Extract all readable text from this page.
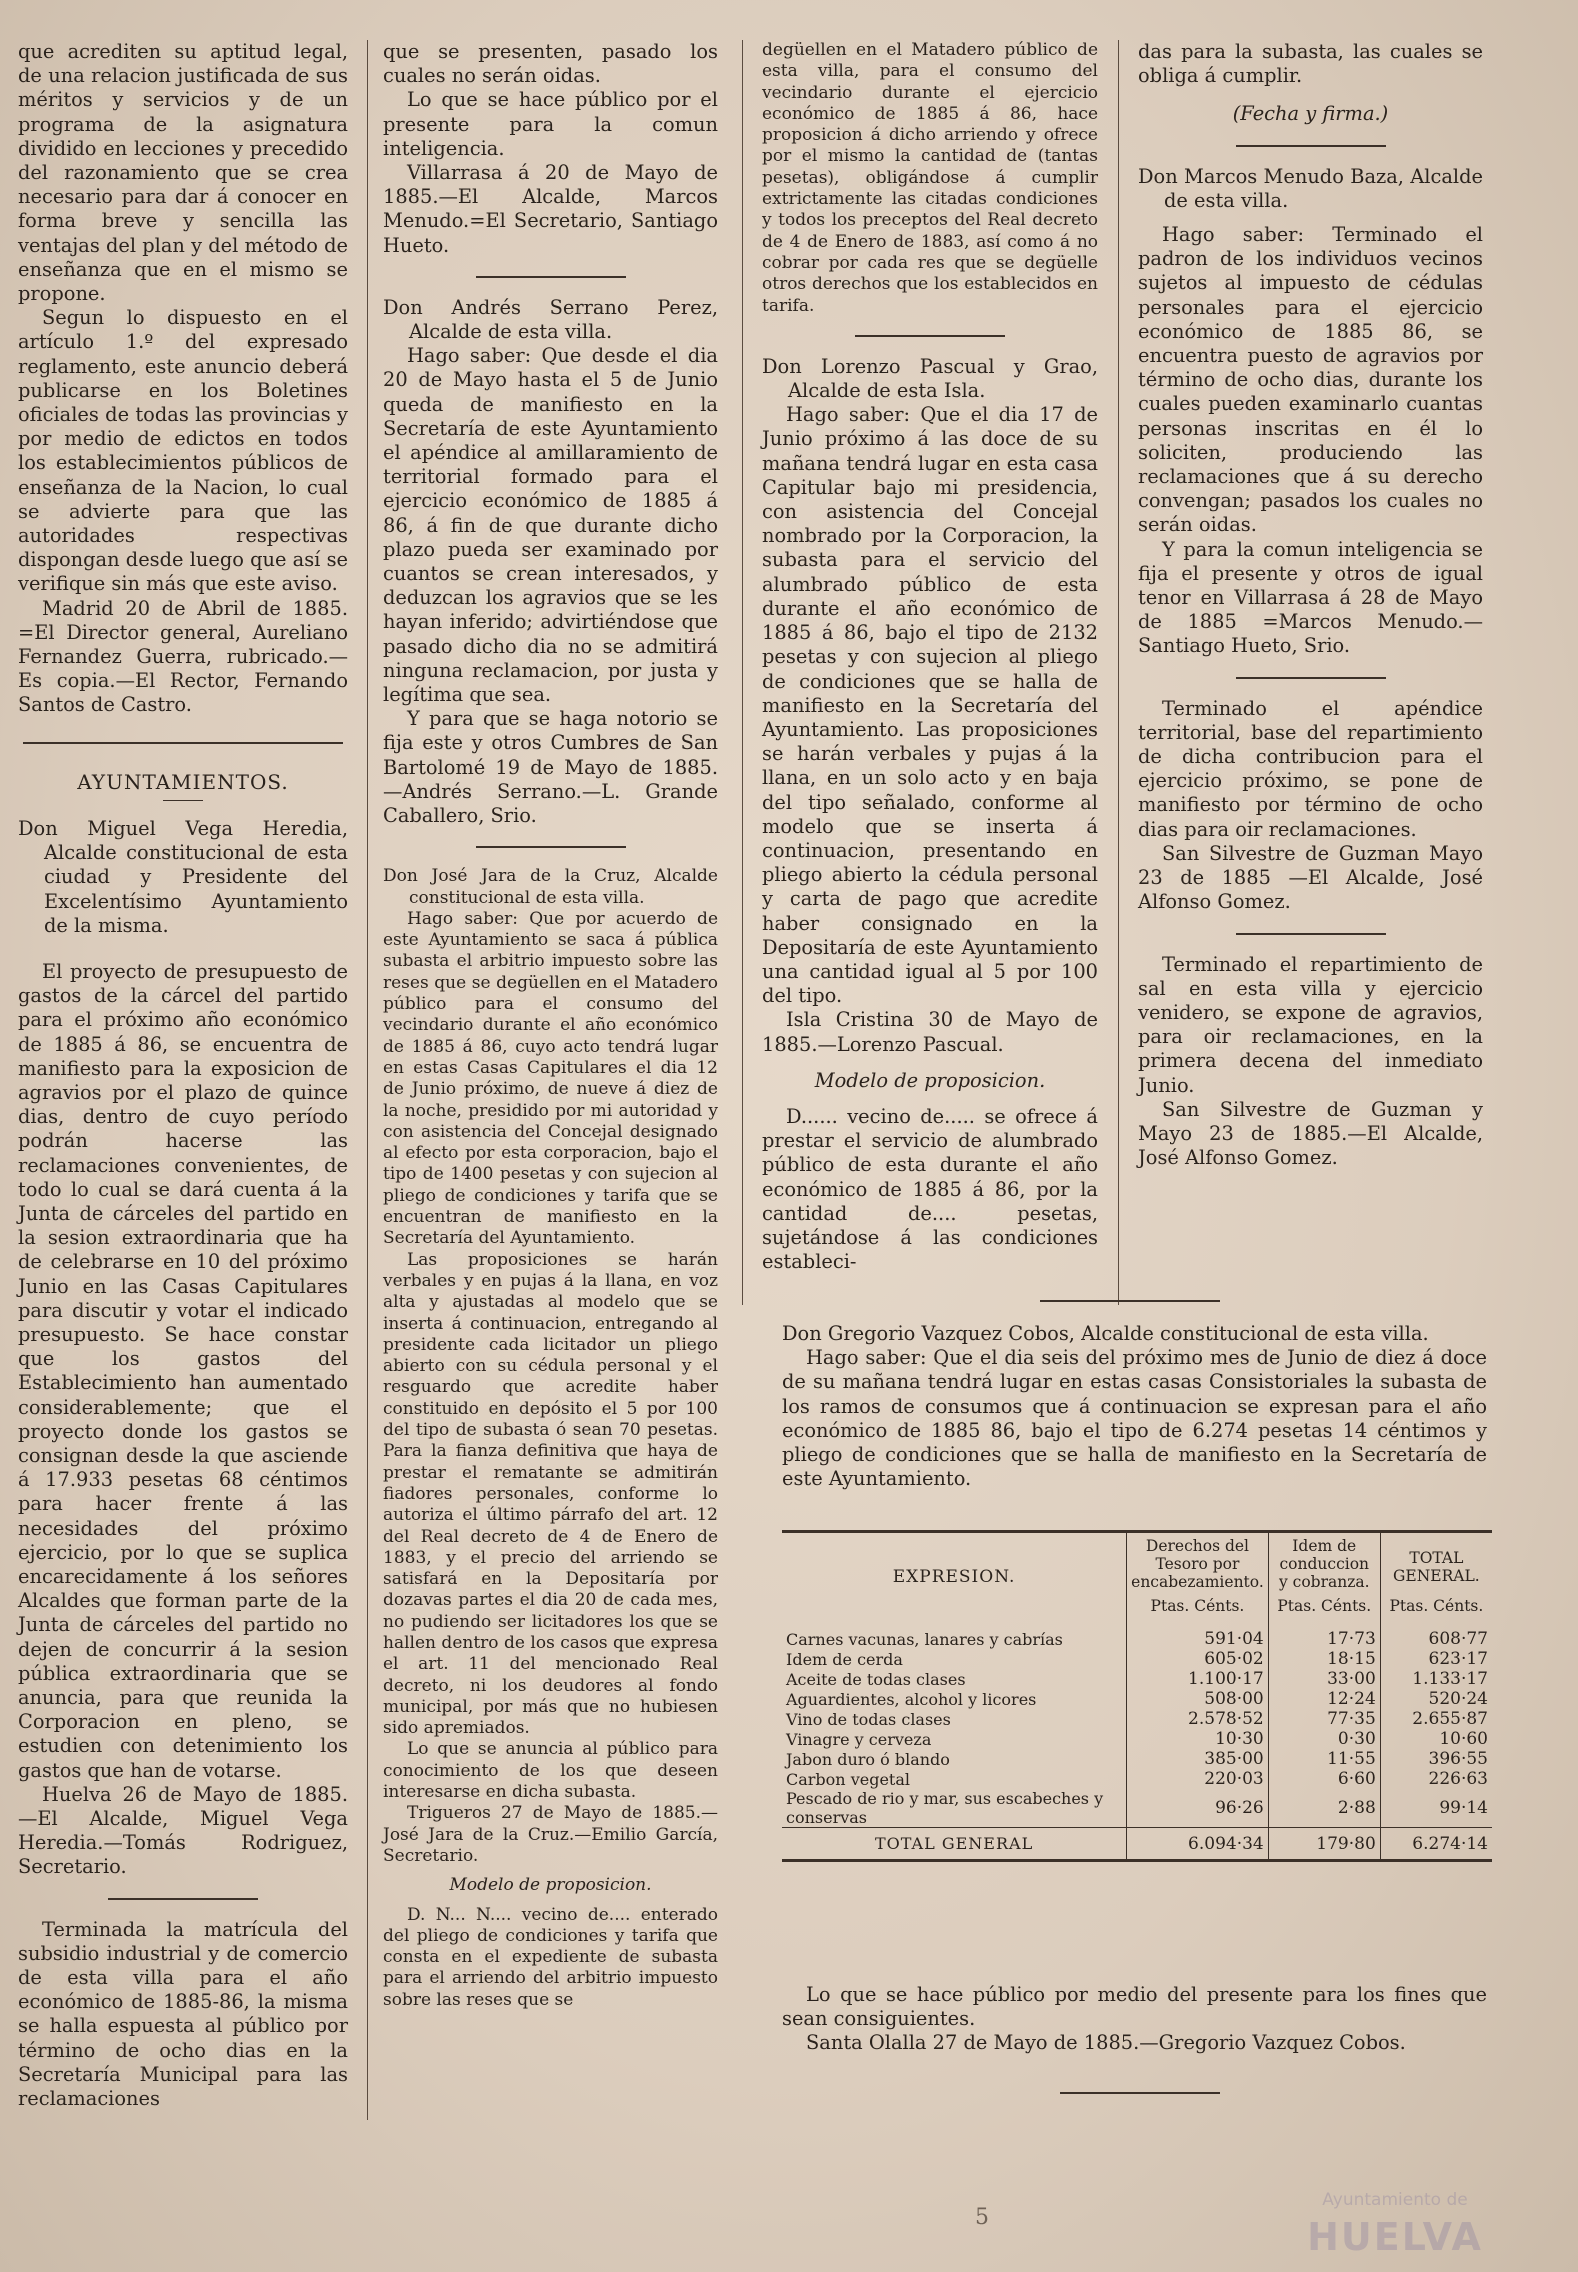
que acrediten su aptitud legal, de una relacion justificada de sus méritos y servicios y de un programa de la asignatura dividido en lecciones y precedido del razonamiento que se crea necesario para dar á conocer en forma breve y sencilla las ventajas del plan y del método de enseñanza que en el mismo se propone.

Segun lo dispuesto en el artículo 1.º del expresado reglamento, este anuncio deberá publicarse en los Boletines oficiales de todas las provincias y por medio de edictos en todos los establecimientos públicos de enseñanza de la Nacion, lo cual se advierte para que las autoridades respectivas dispongan desde luego que así se verifique sin más que este aviso.

Madrid 20 de Abril de 1885. =El Director general, Aureliano Fernandez Guerra, rubricado.— Es copia.—El Rector, Fernando Santos de Castro.

AYUNTAMIENTOS.

Don Miguel Vega Heredia, Alcalde constitucional de esta ciudad y Presidente del Excelentísimo Ayuntamiento de la misma.

El proyecto de presupuesto de gastos de la cárcel del partido para el próximo año económico de 1885 á 86, se encuentra de manifiesto para la exposicion de agravios por el plazo de quince dias, dentro de cuyo período podrán hacerse las reclamaciones convenientes, de todo lo cual se dará cuenta á la Junta de cárceles del partido en la sesion extraordinaria que ha de celebrarse en 10 del próximo Junio en las Casas Capitulares para discutir y votar el indicado presupuesto. Se hace constar que los gastos del Establecimiento han aumentado considerablemente; que el proyecto donde los gastos se consignan desde la que asciende á 17.933 pesetas 68 céntimos para hacer frente á las necesidades del próximo ejercicio, por lo que se suplica encarecidamente á los señores Alcaldes que forman parte de la Junta de cárceles del partido no dejen de concurrir á la sesion pública extraordinaria que se anuncia, para que reunida la Corporacion en pleno, se estudien con detenimiento los gastos que han de votarse.

Huelva 26 de Mayo de 1885. —El Alcalde, Miguel Vega Heredia.—Tomás Rodriguez, Secretario.

Terminada la matrícula del subsidio industrial y de comercio de esta villa para el año económico de 1885-86, la misma se halla espuesta al público por término de ocho dias en la Secretaría Municipal para las reclamaciones

que se presenten, pasado los cuales no serán oidas.

Lo que se hace público por el presente para la comun inteligencia.

Villarrasa á 20 de Mayo de 1885.—El Alcalde, Marcos Menudo.=El Secretario, Santiago Hueto.

Don Andrés Serrano Perez, Alcalde de esta villa.

Hago saber: Que desde el dia 20 de Mayo hasta el 5 de Junio queda de manifiesto en la Secretaría de este Ayuntamiento el apéndice al amillaramiento de territorial formado para el ejercicio económico de 1885 á 86, á fin de que durante dicho plazo pueda ser examinado por cuantos se crean interesados, y deduzcan los agravios que se les hayan inferido; advirtiéndose que pasado dicho dia no se admitirá ninguna reclamacion, por justa y legítima que sea.

Y para que se haga notorio se fija este y otros Cumbres de San Bartolomé 19 de Mayo de 1885. —Andrés Serrano.—L. Grande Caballero, Srio.

Don José Jara de la Cruz, Alcalde constitucional de esta villa.

Hago saber: Que por acuerdo de este Ayuntamiento se saca á pública subasta el arbitrio impuesto sobre las reses que se degüellen en el Matadero público para el consumo del vecindario durante el año económico de 1885 á 86, cuyo acto tendrá lugar en estas Casas Capitulares el dia 12 de Junio próximo, de nueve á diez de la noche, presidido por mi autoridad y con asistencia del Concejal designado al efecto por esta corporacion, bajo el tipo de 1400 pesetas y con sujecion al pliego de condiciones y tarifa que se encuentran de manifiesto en la Secretaría del Ayuntamiento.

Las proposiciones se harán verbales y en pujas á la llana, en voz alta y ajustadas al modelo que se inserta á continuacion, entregando al presidente cada licitador un pliego abierto con su cédula personal y el resguardo que acredite haber constituido en depósito el 5 por 100 del tipo de subasta ó sean 70 pesetas. Para la fianza definitiva que haya de prestar el rematante se admitirán fiadores personales, conforme lo autoriza el último párrafo del art. 12 del Real decreto de 4 de Enero de 1883, y el precio del arriendo se satisfará en la Depositaría por dozavas partes el dia 20 de cada mes, no pudiendo ser licitadores los que se hallen dentro de los casos que expresa el art. 11 del mencionado Real decreto, ni los deudores al fondo municipal, por más que no hubiesen sido apremiados.

Lo que se anuncia al público para conocimiento de los que deseen interesarse en dicha subasta.

Trigueros 27 de Mayo de 1885.— José Jara de la Cruz.—Emilio García, Secretario.

Modelo de proposicion.

D. N... N.... vecino de.... enterado del pliego de condiciones y tarifa que consta en el expediente de subasta para el arriendo del arbitrio impuesto sobre las reses que se

degüellen en el Matadero público de esta villa, para el consumo del vecindario durante el ejercicio económico de 1885 á 86, hace proposicion á dicho arriendo y ofrece por el mismo la cantidad de (tantas pesetas), obligándose á cumplir extrictamente las citadas condiciones y todos los preceptos del Real decreto de 4 de Enero de 1883, así como á no cobrar por cada res que se degüelle otros derechos que los establecidos en tarifa.

Don Lorenzo Pascual y Grao, Alcalde de esta Isla.

Hago saber: Que el dia 17 de Junio próximo á las doce de su mañana tendrá lugar en esta casa Capitular bajo mi presidencia, con asistencia del Concejal nombrado por la Corporacion, la subasta para el servicio del alumbrado público de esta durante el año económico de 1885 á 86, bajo el tipo de 2132 pesetas y con sujecion al pliego de condiciones que se halla de manifiesto en la Secretaría del Ayuntamiento. Las proposiciones se harán verbales y pujas á la llana, en un solo acto y en baja del tipo señalado, conforme al modelo que se inserta á continuacion, presentando en pliego abierto la cédula personal y carta de pago que acredite haber consignado en la Depositaría de este Ayuntamiento una cantidad igual al 5 por 100 del tipo.

Isla Cristina 30 de Mayo de 1885.—Lorenzo Pascual.

Modelo de proposicion.

D...... vecino de..... se ofrece á prestar el servicio de alumbrado público de esta durante el año económico de 1885 á 86, por la cantidad de.... pesetas, sujetándose á las condiciones estableci-

das para la subasta, las cuales se obliga á cumplir.

(Fecha y firma.)

Don Marcos Menudo Baza, Alcalde de esta villa.

Hago saber: Terminado el padron de los individuos vecinos sujetos al impuesto de cédulas personales para el ejercicio económico de 1885 86, se encuentra puesto de agravios por término de ocho dias, durante los cuales pueden examinarlo cuantas personas inscritas en él lo soliciten, produciendo las reclamaciones que á su derecho convengan; pasados los cuales no serán oidas.

Y para la comun inteligencia se fija el presente y otros de igual tenor en Villarrasa á 28 de Mayo de 1885 =Marcos Menudo.— Santiago Hueto, Srio.

Terminado el apéndice territorial, base del repartimiento de dicha contribucion para el ejercicio próximo, se pone de manifiesto por término de ocho dias para oir reclamaciones.

San Silvestre de Guzman Mayo 23 de 1885 —El Alcalde, José Alfonso Gomez.

Terminado el repartimiento de sal en esta villa y ejercicio venidero, se expone de agravios, para oir reclamaciones, en la primera decena del inmediato Junio.

San Silvestre de Guzman y Mayo 23 de 1885.—El Alcalde, José Alfonso Gomez.

Don Gregorio Vazquez Cobos, Alcalde constitucional de esta villa.

Hago saber: Que el dia seis del próximo mes de Junio de diez á doce de su mañana tendrá lugar en estas casas Consistoriales la subasta de los ramos de consumos que á continuacion se expresan para el año económico de 1885 86, bajo el tipo de 6.274 pesetas 14 céntimos y pliego de condiciones que se halla de manifiesto en la Secretaría de este Ayuntamiento.

EXPRESION.	Derechos del Tesoro por encabezamiento.	Idem de conduccion y cobranza.	TOTAL GENERAL.
	Ptas. Cénts.	Ptas. Cénts.	Ptas. Cénts.
Carnes vacunas, lanares y cabrías	591·04	17·73	608·77
Idem de cerda	605·02	18·15	623·17
Aceite de todas clases	1.100·17	33·00	1.133·17
Aguardientes, alcohol y licores	508·00	12·24	520·24
Vino de todas clases	2.578·52	77·35	2.655·87
Vinagre y cerveza	10·30	0·30	10·60
Jabon duro ó blando	385·00	11·55	396·55
Carbon vegetal	220·03	6·60	226·63
Pescado de rio y mar, sus escabeches y conservas	96·26	2·88	99·14
TOTAL GENERAL	6.094·34	179·80	6.274·14

Lo que se hace público por medio del presente para los fines que sean consiguientes.

Santa Olalla 27 de Mayo de 1885.—Gregorio Vazquez Cobos.

5
Ayuntamiento de
HUELVA
